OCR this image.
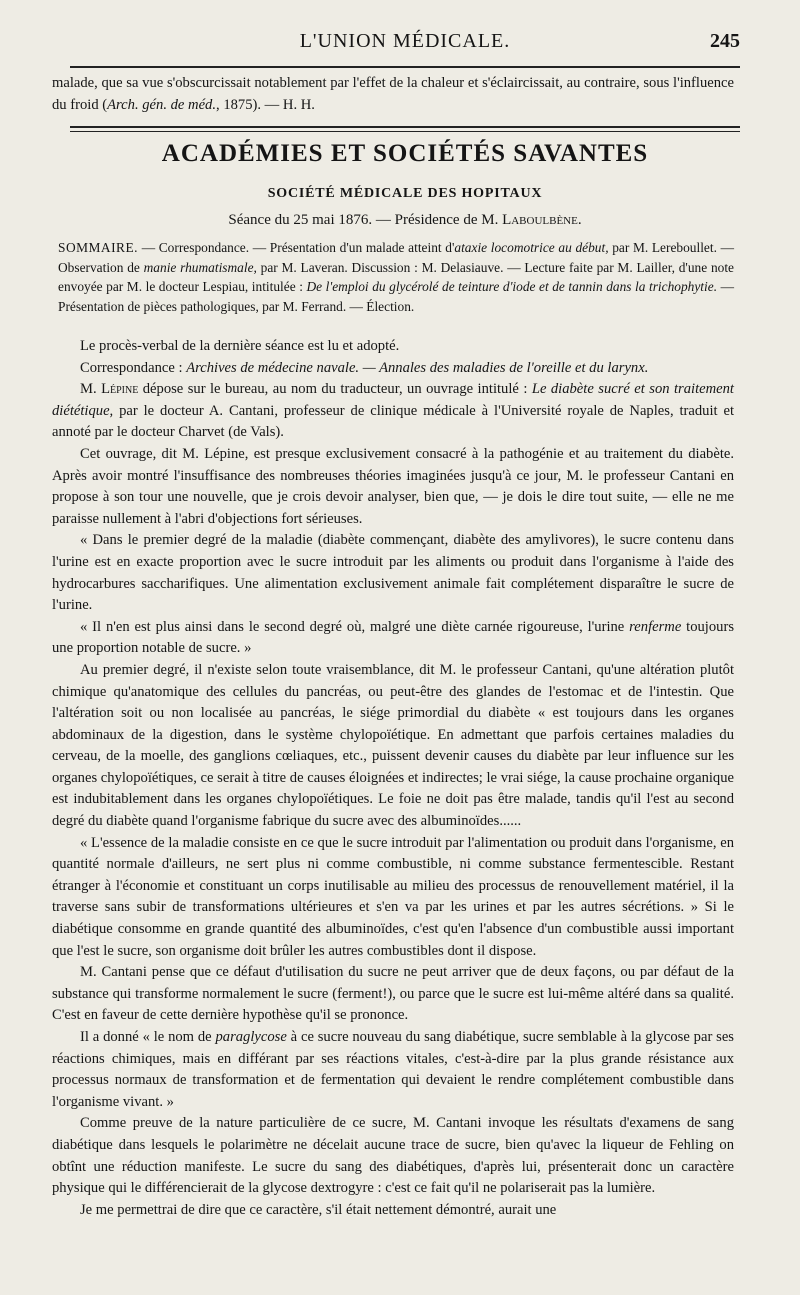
L'UNION MÉDICALE.	245

malade, que sa vue s'obscurcissait notablement par l'effet de la chaleur et s'éclaircissait, au contraire, sous l'influence du froid (Arch. gén. de méd., 1875). — H. H.

ACADÉMIES ET SOCIÉTÉS SAVANTES
SOCIÉTÉ MÉDICALE DES HOPITAUX
Séance du 25 mai 1876. — Présidence de M. Laboulbène.
SOMMAIRE. — Correspondance. — Présentation d'un malade atteint d'ataxie locomotrice au début, par M. Lereboullet. — Observation de manie rhumatismale, par M. Laveran. Discussion : M. Delasiauve. — Lecture faite par M. Lailler, d'une note envoyée par M. le docteur Lespiau, intitulée : De l'emploi du glycérolé de teinture d'iode et de tannin dans la trichophytie. — Présentation de pièces pathologiques, par M. Ferrand. — Élection.

Le procès-verbal de la dernière séance est lu et adopté.

Correspondance : Archives de médecine navale. — Annales des maladies de l'oreille et du larynx.

M. Lépine dépose sur le bureau, au nom du traducteur, un ouvrage intitulé : Le diabète sucré et son traitement diététique, par le docteur A. Cantani, professeur de clinique médicale à l'Université royale de Naples, traduit et annoté par le docteur Charvet (de Vals).

Cet ouvrage, dit M. Lépine, est presque exclusivement consacré à la pathogénie et au traitement du diabète. Après avoir montré l'insuffisance des nombreuses théories imaginées jusqu'à ce jour, M. le professeur Cantani en propose à son tour une nouvelle, que je crois devoir analyser, bien que, — je dois le dire tout suite, — elle ne me paraisse nullement à l'abri d'objections fort sérieuses.

« Dans le premier degré de la maladie (diabète commençant, diabète des amylivores), le sucre contenu dans l'urine est en exacte proportion avec le sucre introduit par les aliments ou produit dans l'organisme à l'aide des hydrocarbures saccharifiques. Une alimentation exclusivement animale fait complétement disparaître le sucre de l'urine.

« Il n'en est plus ainsi dans le second degré où, malgré une diète carnée rigoureuse, l'urine renferme toujours une proportion notable de sucre. »

Au premier degré, il n'existe selon toute vraisemblance, dit M. le professeur Cantani, qu'une altération plutôt chimique qu'anatomique des cellules du pancréas, ou peut-être des glandes de l'estomac et de l'intestin. Que l'altération soit ou non localisée au pancréas, le siége primordial du diabète « est toujours dans les organes abdominaux de la digestion, dans le système chylopoïétique. En admettant que parfois certaines maladies du cerveau, de la moelle, des ganglions cœliaques, etc., puissent devenir causes du diabète par leur influence sur les organes chylopoïétiques, ce serait à titre de causes éloignées et indirectes; le vrai siége, la cause prochaine organique est indubitablement dans les organes chylopoïétiques. Le foie ne doit pas être malade, tandis qu'il l'est au second degré du diabète quand l'organisme fabrique du sucre avec des albuminoïdes......

« L'essence de la maladie consiste en ce que le sucre introduit par l'alimentation ou produit dans l'organisme, en quantité normale d'ailleurs, ne sert plus ni comme combustible, ni comme substance fermentescible. Restant étranger à l'économie et constituant un corps inutilisable au milieu des processus de renouvellement matériel, il la traverse sans subir de transformations ultérieures et s'en va par les urines et par les autres sécrétions. » Si le diabétique consomme en grande quantité des albuminoïdes, c'est qu'en l'absence d'un combustible aussi important que l'est le sucre, son organisme doit brûler les autres combustibles dont il dispose.

M. Cantani pense que ce défaut d'utilisation du sucre ne peut arriver que de deux façons, ou par défaut de la substance qui transforme normalement le sucre (ferment!), ou parce que le sucre est lui-même altéré dans sa qualité. C'est en faveur de cette dernière hypothèse qu'il se prononce.

Il a donné « le nom de paraglycose à ce sucre nouveau du sang diabétique, sucre semblable à la glycose par ses réactions chimiques, mais en différant par ses réactions vitales, c'est-à-dire par la plus grande résistance aux processus normaux de transformation et de fermentation qui devaient le rendre complétement combustible dans l'organisme vivant. »

Comme preuve de la nature particulière de ce sucre, M. Cantani invoque les résultats d'examens de sang diabétique dans lesquels le polarimètre ne décelait aucune trace de sucre, bien qu'avec la liqueur de Fehling on obtînt une réduction manifeste. Le sucre du sang des diabétiques, d'après lui, présenterait donc un caractère physique qui le différencierait de la glycose dextrogyre : c'est ce fait qu'il ne polariserait pas la lumière.

Je me permettrai de dire que ce caractère, s'il était nettement démontré, aurait une
